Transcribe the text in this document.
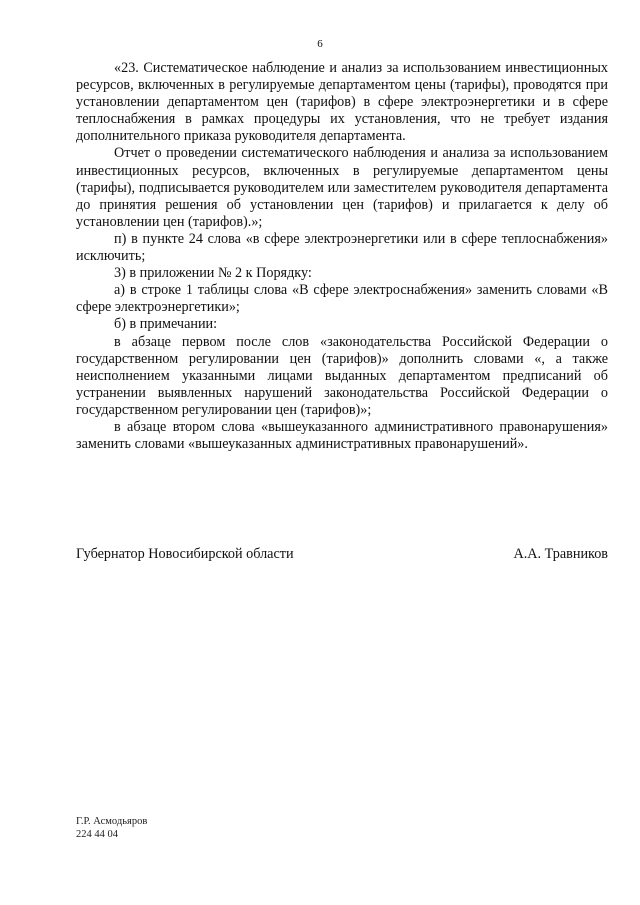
6

«23. Систематическое наблюдение и анализ за использованием инвестиционных ресурсов, включенных в регулируемые департаментом цены (тарифы), проводятся при установлении департаментом цен (тарифов) в сфере электроэнергетики и в сфере теплоснабжения в рамках процедуры их установления, что не требует издания дополнительного приказа руководителя департамента.

Отчет о проведении систематического наблюдения и анализа за использованием инвестиционных ресурсов, включенных в регулируемые департаментом цены (тарифы), подписывается руководителем или заместителем руководителя департамента до принятия решения об установлении цен (тарифов) и прилагается к делу об установлении цен (тарифов).»;

п) в пункте 24 слова «в сфере электроэнергетики или в сфере теплоснабжения» исключить;

3) в приложении № 2 к Порядку:

а) в строке 1 таблицы слова «В сфере электроснабжения» заменить словами «В сфере электроэнергетики»;

б) в примечании:

в абзаце первом после слов «законодательства Российской Федерации о государственном регулировании цен (тарифов)» дополнить словами «, а также неисполнением указанными лицами выданных департаментом предписаний об устранении выявленных нарушений законодательства Российской Федерации о государственном регулировании цен (тарифов)»;

в абзаце втором слова «вышеуказанного административного правонарушения» заменить словами «вышеуказанных административных правонарушений».

Губернатор Новосибирской области	А.А. Травников
Г.Р. Асмодьяров
224 44 04
